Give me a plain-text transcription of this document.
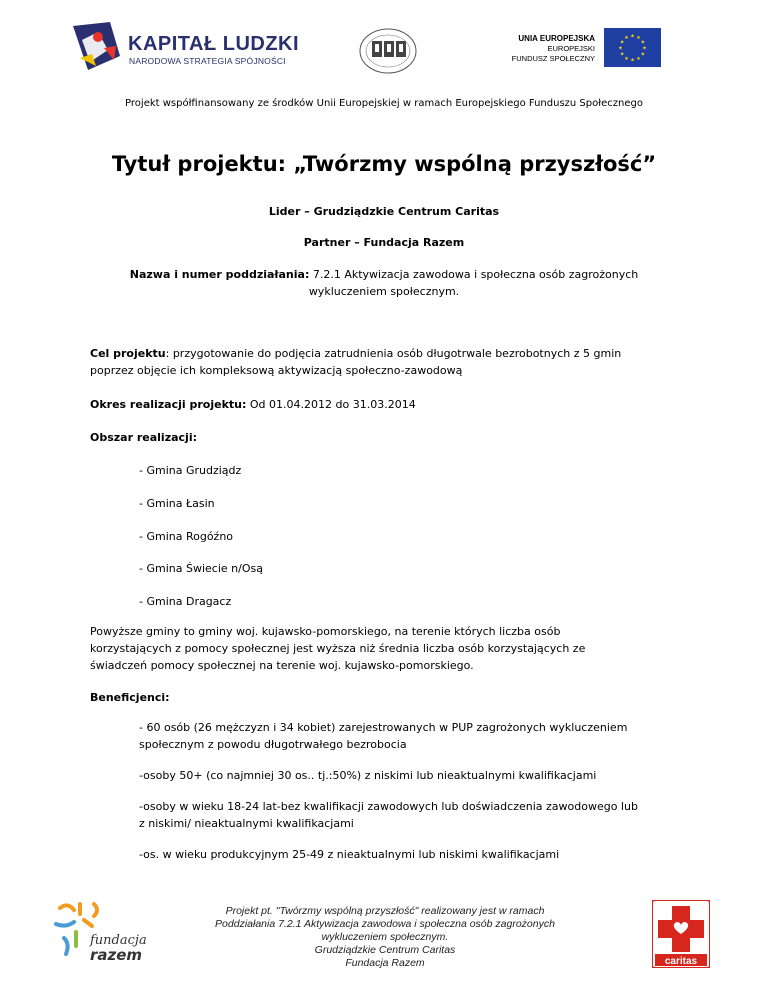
KAPITAŁ LUDZKI
NARODOWA STRATEGIA SPÓJNOŚCI
UNIA EUROPEJSKA
EUROPEJSKI
FUNDUSZ SPOŁECZNY
★
★
★
★
★
★
★
★
★ ★ ★
★
Projekt współfinansowany ze środków Unii Europejskiej w ramach Europejskiego Funduszu Społecznego
Tytuł projektu: „Twórzmy wspólną przyszłość”
Lider – Grudziądzkie Centrum Caritas
Partner – Fundacja Razem
Nazwa i numer poddziałania: 7.2.1 Aktywizacja zawodowa i społeczna osób zagrożonych
wykluczeniem społecznym.
Cel projektu: przygotowanie do podjęcia zatrudnienia osób długotrwale bezrobotnych z 5 gmin
poprzez objęcie ich kompleksową aktywizacją społeczno-zawodową
Okres realizacji projektu: Od 01.04.2012 do 31.03.2014
Obszar realizacji:
- Gmina Grudziądz
- Gmina Łasin
- Gmina Rogóźno
- Gmina Świecie n/Osą
- Gmina Dragacz
Powyższe gminy to gminy woj. kujawsko-pomorskiego, na terenie których liczba osób
korzystających z pomocy społecznej jest wyższa niż średnia liczba osób korzystających ze
świadczeń pomocy społecznej na terenie woj. kujawsko-pomorskiego.
Beneficjenci:
- 60 osób (26 mężczyzn i 34 kobiet) zarejestrowanych w PUP zagrożonych wykluczeniem
społecznym z powodu długotrwałego bezrobocia
-osoby 50+ (co najmniej 30 os.. tj.:50%) z niskimi lub nieaktualnymi kwalifikacjami
-osoby w wieku 18-24 lat-bez kwalifikacji zawodowych lub doświadczenia zawodowego lub
z niskimi/ nieaktualnymi kwalifikacjami
-os. w wieku produkcyjnym 25-49 z nieaktualnymi lub niskimi kwalifikacjami
fundacja
razem
Projekt pt. "Twórzmy wspólną przyszłość" realizowany jest w ramach
Poddziałania 7.2.1 Aktywizacja zawodowa i społeczna osób zagrożonych
wykluczeniem społecznym.
Grudziądzkie Centrum Caritas
Fundacja Razem	caritas
